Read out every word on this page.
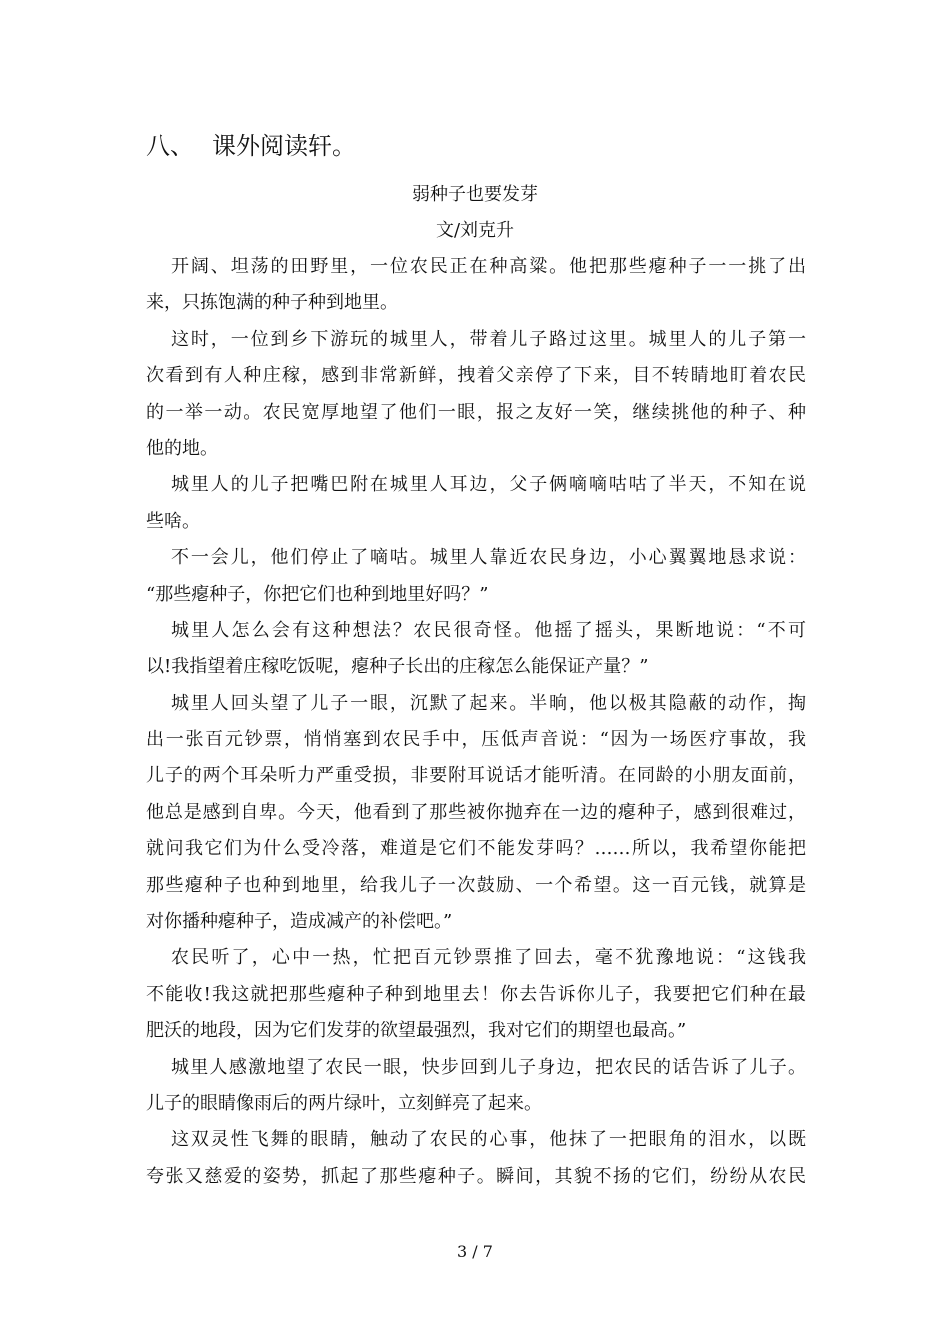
八、 课外阅读轩。
弱种子也要发芽
文/刘克升
开阔、坦荡的田野里，一位农民正在种高粱。他把那些瘪种子一一挑了出
来，只拣饱满的种子种到地里。
这时，一位到乡下游玩的城里人，带着儿子路过这里。城里人的儿子第一
次看到有人种庄稼，感到非常新鲜，拽着父亲停了下来，目不转睛地盯着农民
的一举一动。农民宽厚地望了他们一眼，报之友好一笑，继续挑他的种子、种
他的地。
城里人的儿子把嘴巴附在城里人耳边，父子俩嘀嘀咕咕了半天，不知在说
些啥。
不一会儿，他们停止了嘀咕。城里人靠近农民身边，小心翼翼地恳求说：
“那些瘪种子，你把它们也种到地里好吗？”
城里人怎么会有这种想法？农民很奇怪。他摇了摇头，果断地说：“不可
以!我指望着庄稼吃饭呢，瘪种子长出的庄稼怎么能保证产量？”
城里人回头望了儿子一眼，沉默了起来。半晌，他以极其隐蔽的动作，掏
出一张百元钞票，悄悄塞到农民手中，压低声音说：“因为一场医疗事故，我
儿子的两个耳朵听力严重受损，非要附耳说话才能听清。在同龄的小朋友面前，
他总是感到自卑。今天，他看到了那些被你抛弃在一边的瘪种子，感到很难过，
就问我它们为什么受冷落，难道是它们不能发芽吗？……所以，我希望你能把
那些瘪种子也种到地里，给我儿子一次鼓励、一个希望。这一百元钱，就算是
对你播种瘪种子，造成减产的补偿吧。”
农民听了，心中一热，忙把百元钞票推了回去，毫不犹豫地说：“这钱我
不能收!我这就把那些瘪种子种到地里去！你去告诉你儿子，我要把它们种在最
肥沃的地段，因为它们发芽的欲望最强烈，我对它们的期望也最高。”
城里人感激地望了农民一眼，快步回到儿子身边，把农民的话告诉了儿子。
儿子的眼睛像雨后的两片绿叶，立刻鲜亮了起来。
这双灵性飞舞的眼睛，触动了农民的心事，他抹了一把眼角的泪水，以既
夸张又慈爱的姿势，抓起了那些瘪种子。瞬间，其貌不扬的它们，纷纷从农民
3 / 7
